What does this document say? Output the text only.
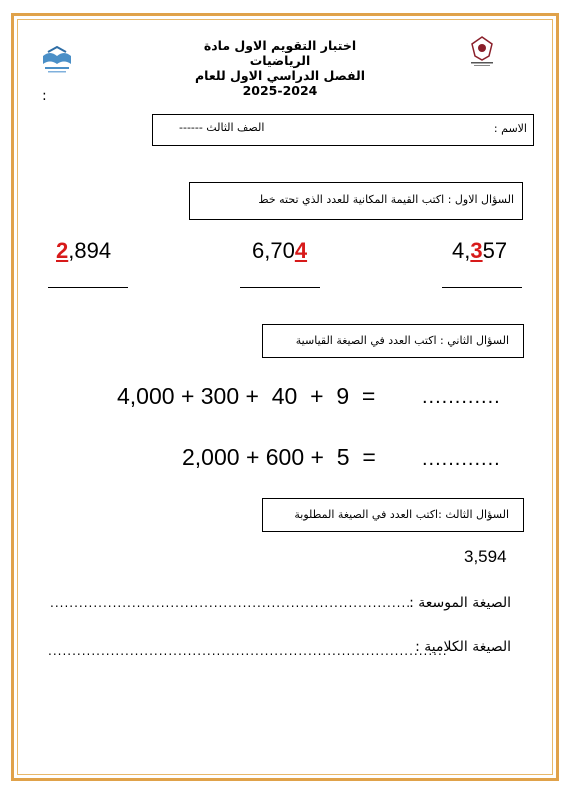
اختبار التقويم الاول مادة الرياضيات
الفصل الدراسي الاول للعام 2024-2025
:
الاسم :
الصف الثالث ------
السؤال الاول : اكتب القيمة المكانية للعدد الذي تحته خط
4,357
6,704
2,894
السؤال الثاني : اكتب العدد في الصيغة القياسية
4,000 + 300 +  40  +  9  = ............
2,000 + 600 +  5  = ............
السؤال الثالث :اكتب العدد في الصيغة المطلوبة
3,594
الصيغة الموسعة :
...........................................................................
الصيغة الكلامية :
...................................................................................
